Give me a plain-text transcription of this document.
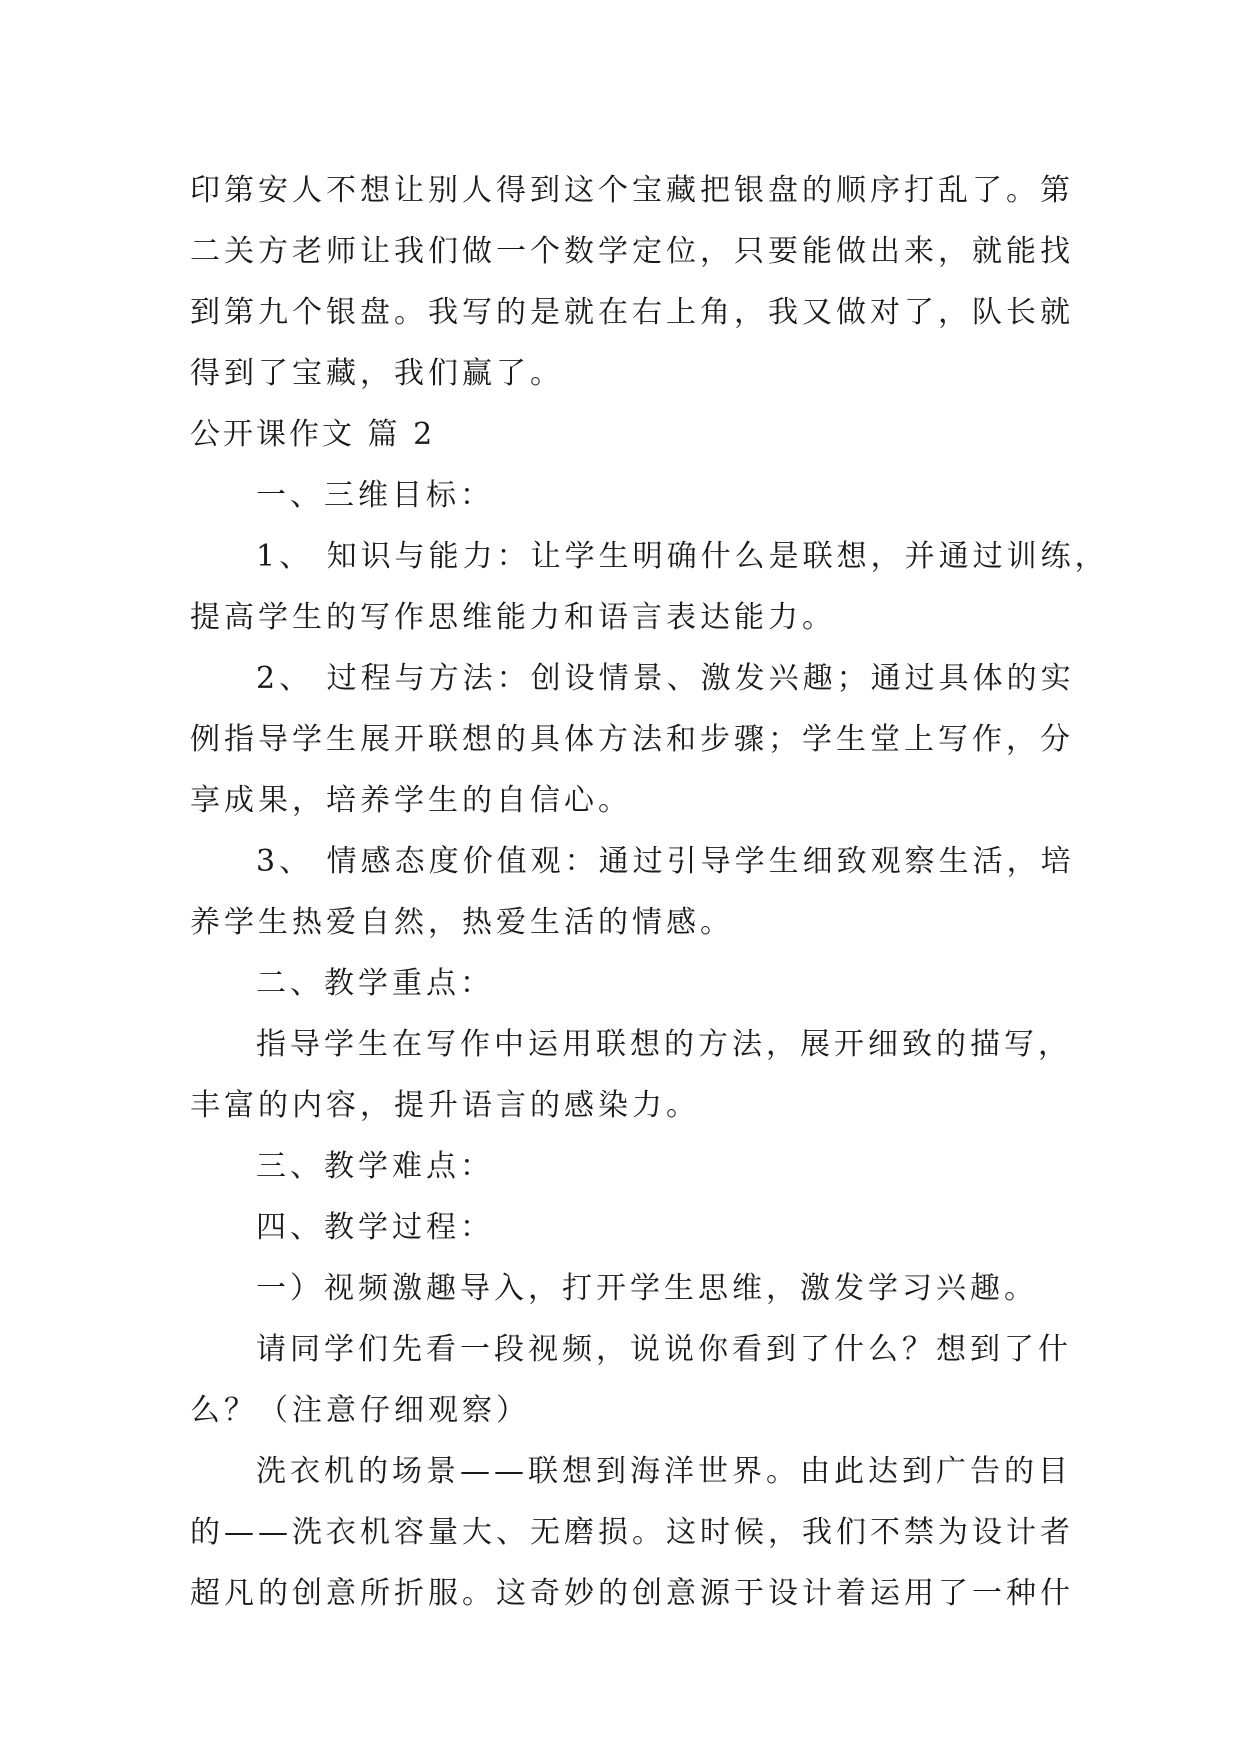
印第安人不想让别人得到这个宝藏把银盘的顺序打乱了。第
二关方老师让我们做一个数学定位，只要能做出来，就能找
到第九个银盘。我写的是就在右上角，我又做对了，队长就
得到了宝藏，我们赢了。
公开课作文 篇 2
一、三维目标：
1、 知识与能力：让学生明确什么是联想，并通过训练，
提高学生的写作思维能力和语言表达能力。
2、 过程与方法：创设情景、激发兴趣；通过具体的实
例指导学生展开联想的具体方法和步骤；学生堂上写作，分
享成果，培养学生的自信心。
3、 情感态度价值观：通过引导学生细致观察生活，培
养学生热爱自然，热爱生活的情感。
二、教学重点：
指导学生在写作中运用联想的方法，展开细致的描写，
丰富的内容，提升语言的感染力。
三、教学难点：
四、教学过程：
一）视频激趣导入，打开学生思维，激发学习兴趣。
请同学们先看一段视频，说说你看到了什么？想到了什
么？（注意仔细观察）
洗衣机的场景——联想到海洋世界。由此达到广告的目
的——洗衣机容量大、无磨损。这时候，我们不禁为设计者
超凡的创意所折服。这奇妙的创意源于设计着运用了一种什
